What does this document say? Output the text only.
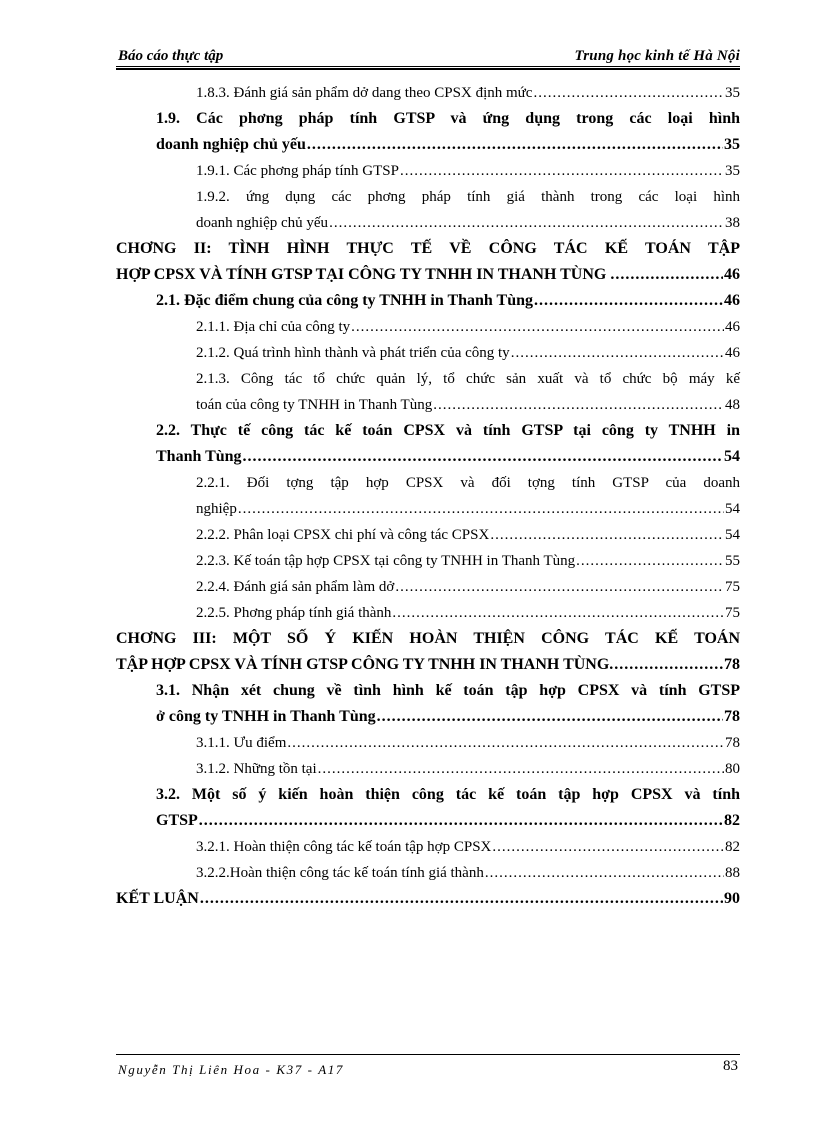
Báo cáo thực tập	Trung học kinh tế Hà Nội
1.8.3. Đánh giá sản phẩm dở dang theo CPSX định mức .....	35
1.9. Các phơng pháp tính GTSP và ứng dụng trong các loại hình
doanh nghiệp chủ yếu .....	35
1.9.1. Các phơng pháp tính GTSP .....	35
1.9.2. ứng dụng các phơng pháp tính giá thành trong các loại hình
doanh nghiệp chủ yếu .....	38
CHƠNG II: TÌNH HÌNH THỰC TẾ VỀ CÔNG TÁC KẾ TOÁN TẬP
HỢP CPSX VÀ TÍNH GTSP TẠI CÔNG TY TNHH IN THANH TÙNG . .....	46
2.1. Đặc điểm chung của công ty TNHH in Thanh Tùng .....	46
2.1.1. Địa chỉ của công ty .....	46
2.1.2. Quá trình hình thành và phát triển của công ty .....	46
2.1.3. Công tác tổ chức quản lý, tổ chức sản xuất và tổ chức bộ máy kế
toán của công ty TNHH in Thanh Tùng .....	48
2.2. Thực tế công tác kế toán CPSX và tính GTSP tại công ty TNHH in
Thanh Tùng .....	54
2.2.1. Đối tợng tập hợp CPSX và đối tợng tính GTSP của doanh
nghiệp .....	54
2.2.2. Phân loại CPSX chi phí và công tác CPSX .....	54
2.2.3. Kế toán tập hợp CPSX tại công ty TNHH in Thanh Tùng .....	55
2.2.4. Đánh giá sản phẩm làm dở .....	75
2.2.5. Phơng pháp tính giá thành .....	75
CHƠNG III: MỘT SỐ Ý KIẾN HOÀN THIỆN CÔNG TÁC KẾ TOÁN
TẬP HỢP CPSX VÀ TÍNH GTSP CÔNG TY TNHH IN THANH TÙNG. .....	78
3.1. Nhận xét chung về tình hình kế toán tập hợp CPSX và tính GTSP
ở công ty TNHH in Thanh Tùng .....	78
3.1.1. Ưu điểm .....	78
3.1.2. Những tồn tại .....	80
3.2. Một số ý kiến hoàn thiện công tác kế toán tập hợp CPSX và tính
GTSP .....	82
3.2.1. Hoàn thiện công tác kế toán tập hợp CPSX .....	82
3.2.2.Hoàn thiện công tác kế toán tính giá thành .....	88
KẾT LUẬN .....	90
Nguyễn Thị Liên Hoa - K37 - A17	83
